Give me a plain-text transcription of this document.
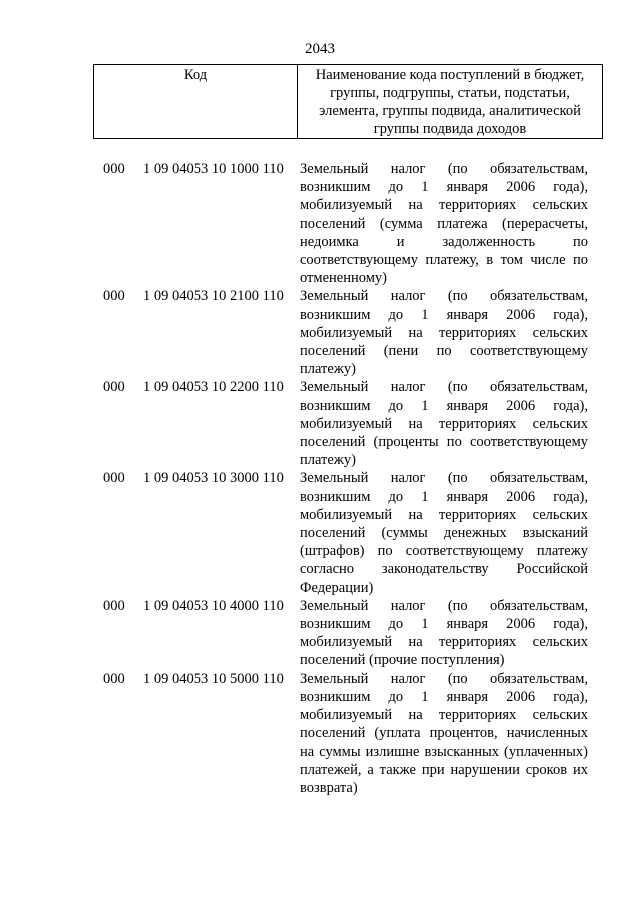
2043
Код	Наименование кода поступлений в бюджет, группы, подгруппы, статьи, подстатьи, элемента, группы подвида, аналитической группы подвида доходов
000	1 09 04053 10 1000 110	Земельный налог (по обязательствам, возникшим до 1 января 2006 года), мобилизуемый на территориях сельских поселений (сумма платежа (перерасчеты, недоимка и задолженность по соответствующему платежу, в том числе по отмененному)
000	1 09 04053 10 2100 110	Земельный налог (по обязательствам, возникшим до 1 января 2006 года), мобилизуемый на территориях сельских поселений (пени по соответствующему платежу)
000	1 09 04053 10 2200 110	Земельный налог (по обязательствам, возникшим до 1 января 2006 года), мобилизуемый на территориях сельских поселений (проценты по соответствующему платежу)
000	1 09 04053 10 3000 110	Земельный налог (по обязательствам, возникшим до 1 января 2006 года), мобилизуемый на территориях сельских поселений (суммы денежных взысканий (штрафов) по соответствующему платежу согласно законодательству Российской Федерации)
000	1 09 04053 10 4000 110	Земельный налог (по обязательствам, возникшим до 1 января 2006 года), мобилизуемый на территориях сельских поселений (прочие поступления)
000	1 09 04053 10 5000 110	Земельный налог (по обязательствам, возникшим до 1 января 2006 года), мобилизуемый на территориях сельских поселений (уплата процентов, начисленных на суммы излишне взысканных (уплаченных) платежей, а также при нарушении сроков их возврата)
